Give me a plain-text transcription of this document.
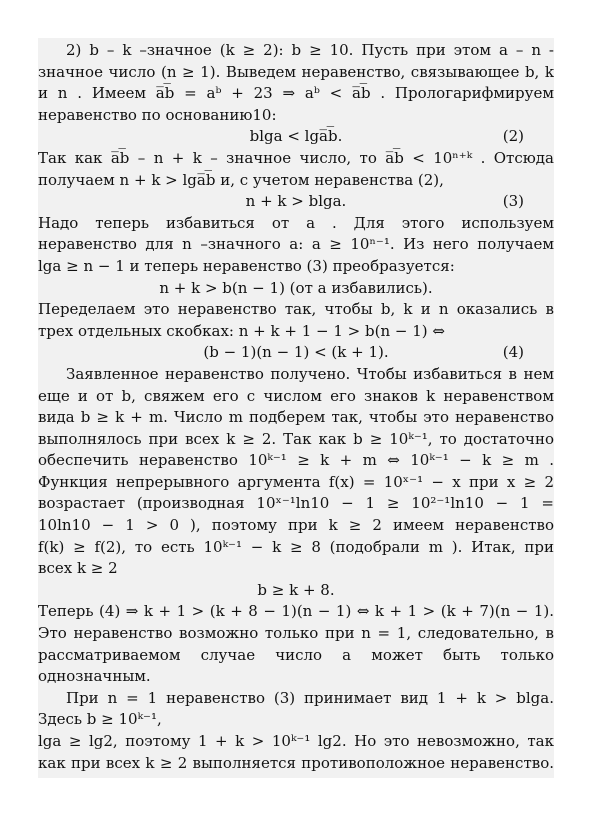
2) b – k –значное (k ≥ 2): b ≥ 10. Пусть при этом a – n -
значное число (n ≥ 1). Выведем неравенство, связывающее b, k
и n . Имеем a̅b̅ = aᵇ + 23 ⇒ aᵇ < a̅b̅ . Прологарифмируем
неравенство по основанию10:
blga < lga̅b̅.	(2)
Так как a̅b̅ – n + k – значное число, то a̅b̅ < 10ⁿ⁺ᵏ . Отсюда
получаем n + k > lga̅b̅ и, с учетом неравенства (2),
n + k > blga.	(3)
Надо теперь избавиться от a . Для этого используем
неравенство для n –значного a: a ≥ 10ⁿ⁻¹. Из него получаем
lga ≥ n − 1 и теперь неравенство (3) преобразуется:
n + k > b(n − 1) (от a избавились).
Переделаем это неравенство так, чтобы b, k и n оказались в
трех отдельных скобках: n + k + 1 − 1 > b(n − 1) ⇔
(b − 1)(n − 1) < (k + 1).	(4)
Заявленное неравенство получено. Чтобы избавиться в нем
еще и от b, свяжем его с числом его знаков k неравенством
вида b ≥ k + m. Число m подберем так, чтобы это неравенство
выполнялось при всех k ≥ 2. Так как b ≥ 10ᵏ⁻¹, то достаточно
обеспечить неравенство 10ᵏ⁻¹ ≥ k + m ⇔ 10ᵏ⁻¹ − k ≥ m .
Функция непрерывного аргумента f(x) = 10ˣ⁻¹ − x при x ≥ 2
возрастает (производная 10ˣ⁻¹ln10 − 1 ≥ 10²⁻¹ln10 − 1 =
10ln10 − 1 > 0 ), поэтому при k ≥ 2 имеем неравенство
f(k) ≥ f(2), то есть 10ᵏ⁻¹ − k ≥ 8 (подобрали m ). Итак, при
всех k ≥ 2
b ≥ k + 8.
Теперь (4) ⇒ k + 1 > (k + 8 − 1)(n − 1) ⇔ k + 1 > (k + 7)(n − 1).
Это неравенство возможно только при n = 1, следовательно, в
рассматриваемом случае число a может быть только
однозначным.
При n = 1 неравенство (3) принимает вид 1 + k > blga.
Здесь b ≥ 10ᵏ⁻¹,
lga ≥ lg2, поэтому 1 + k > 10ᵏ⁻¹ lg2. Но это невозможно, так
как при всех k ≥ 2 выполняется противоположное неравенство.
